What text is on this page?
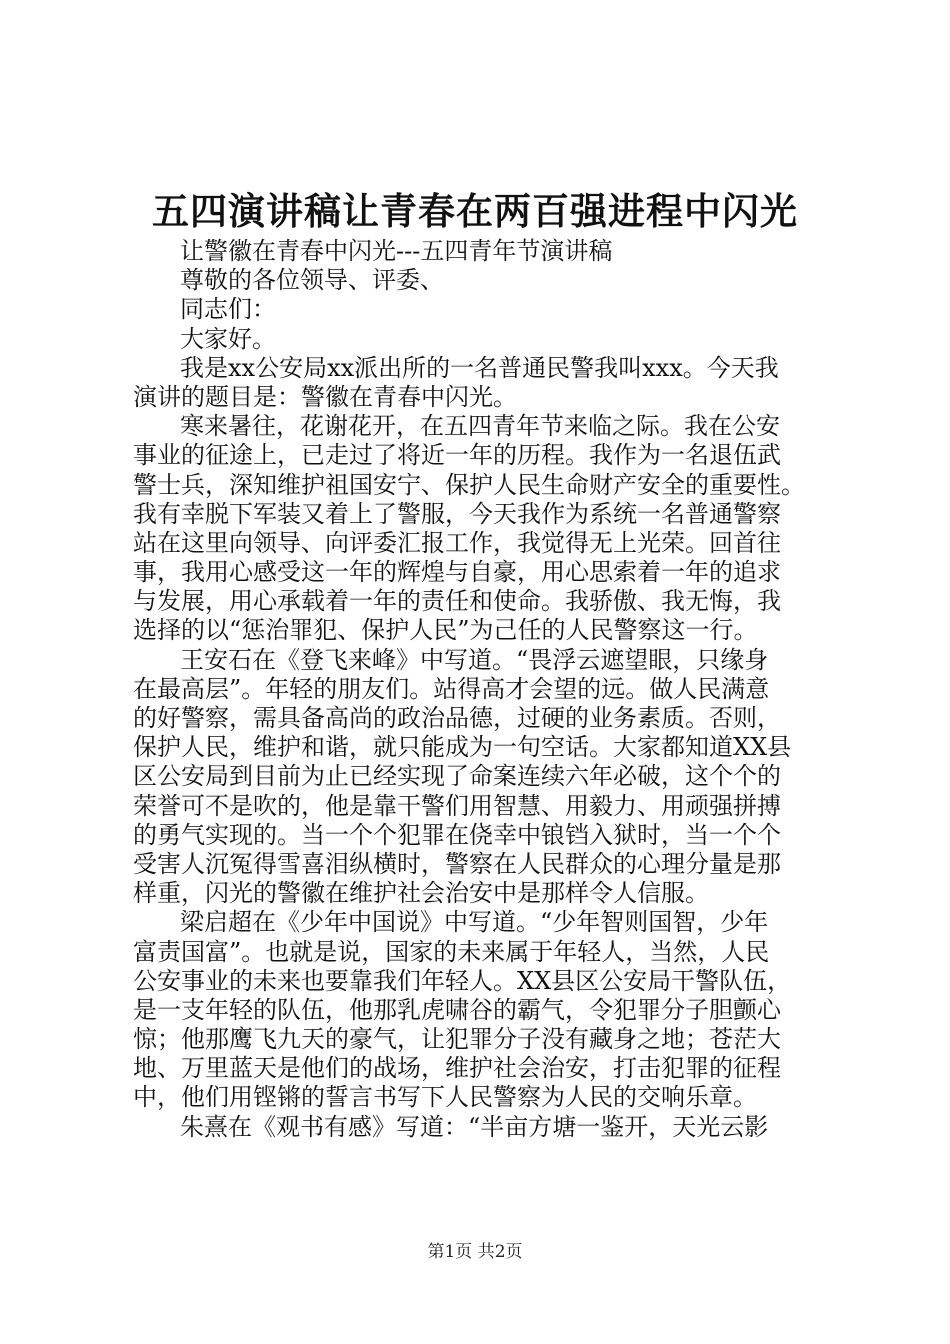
五四演讲稿让青春在两百强进程中闪光
让警徽在青春中闪光---五四青年节演讲稿
尊敬的各位领导、评委、
同志们：
大家好。
我是xx公安局xx派出所的一名普通民警我叫xxx。今天我
演讲的题目是：警徽在青春中闪光。
寒来暑往，花谢花开，在五四青年节来临之际。我在公安
事业的征途上，已走过了将近一年的历程。我作为一名退伍武
警士兵，深知维护祖国安宁、保护人民生命财产安全的重要性。
我有幸脱下军装又着上了警服，今天我作为系统一名普通警察
站在这里向领导、向评委汇报工作，我觉得无上光荣。回首往
事，我用心感受这一年的辉煌与自豪，用心思索着一年的追求
与发展，用心承载着一年的责任和使命。我骄傲、我无悔，我
选择的以“惩治罪犯、保护人民”为己任的人民警察这一行。
王安石在《登飞来峰》中写道。“畏浮云遮望眼，只缘身
在最高层”。年轻的朋友们。站得高才会望的远。做人民满意
的好警察，需具备高尚的政治品德，过硬的业务素质。否则，
保护人民，维护和谐，就只能成为一句空话。大家都知道XX县
区公安局到目前为止已经实现了命案连续六年必破，这个个的
荣誉可不是吹的，他是靠干警们用智慧、用毅力、用顽强拼搏
的勇气实现的。当一个个犯罪在侥幸中锒铛入狱时，当一个个
受害人沉冤得雪喜泪纵横时，警察在人民群众的心理分量是那
样重，闪光的警徽在维护社会治安中是那样令人信服。
梁启超在《少年中国说》中写道。“少年智则国智，少年
富责国富”。也就是说，国家的未来属于年轻人，当然，人民
公安事业的未来也要靠我们年轻人。XX县区公安局干警队伍，
是一支年轻的队伍，他那乳虎啸谷的霸气，令犯罪分子胆颤心
惊；他那鹰飞九天的豪气，让犯罪分子没有藏身之地；苍茫大
地、万里蓝天是他们的战场，维护社会治安，打击犯罪的征程
中，他们用铿锵的誓言书写下人民警察为人民的交响乐章。
朱熹在《观书有感》写道：“半亩方塘一鉴开，天光云影
第1页 共2页
